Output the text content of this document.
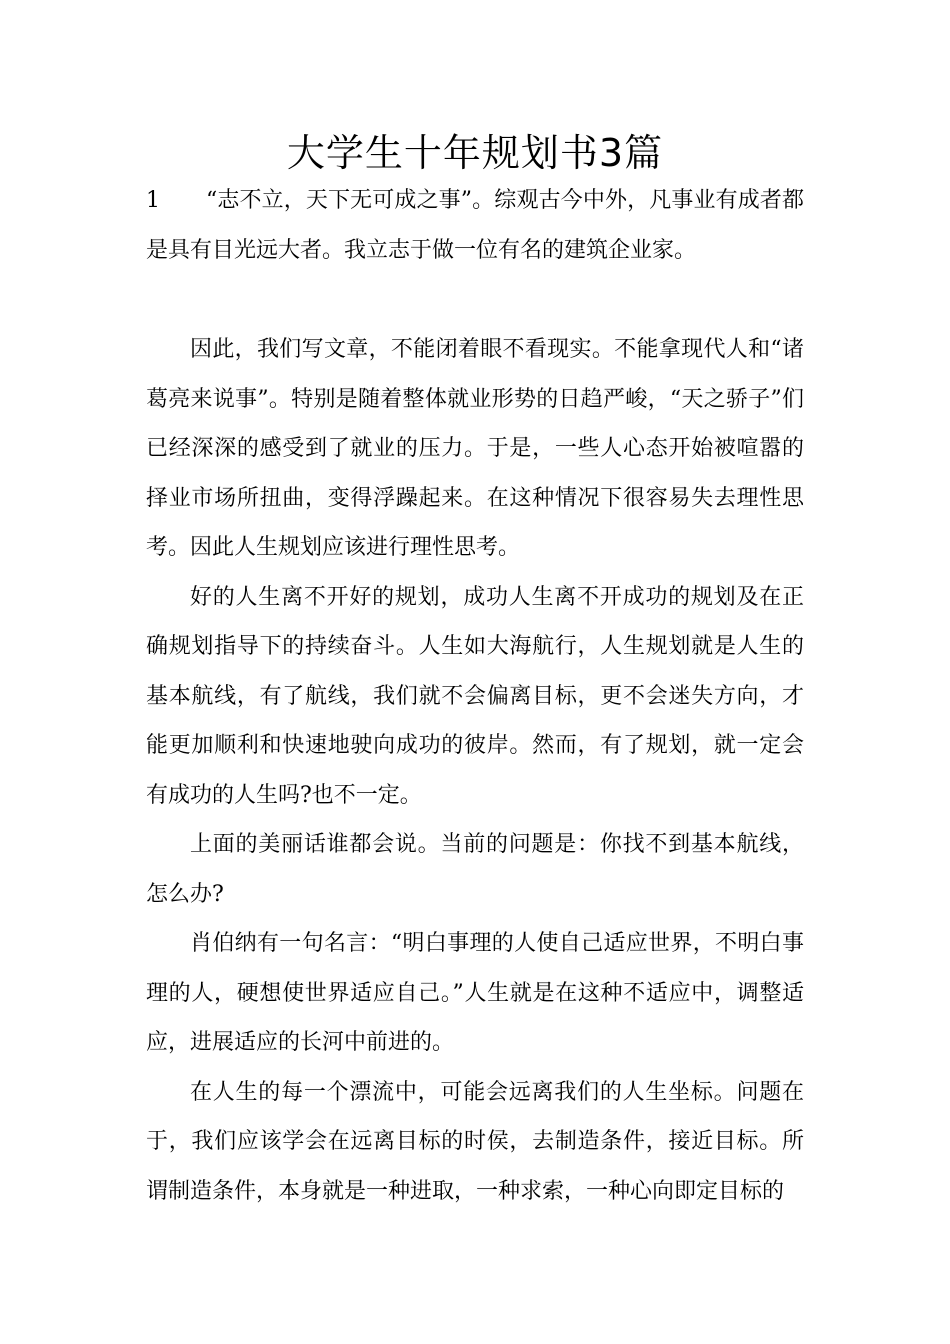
大学生十年规划书3篇

1 “志不立，天下无可成之事”。综观古今中外，凡事业有成者都是具有目光远大者。我立志于做一位有名的建筑企业家。

因此，我们写文章，不能闭着眼不看现实。不能拿现代人和“诸葛亮来说事”。特别是随着整体就业形势的日趋严峻，“天之骄子”们已经深深的感受到了就业的压力。于是，一些人心态开始被喧嚣的择业市场所扭曲，变得浮躁起来。在这种情况下很容易失去理性思考。因此人生规划应该进行理性思考。

好的人生离不开好的规划，成功人生离不开成功的规划及在正确规划指导下的持续奋斗。人生如大海航行，人生规划就是人生的基本航线，有了航线，我们就不会偏离目标，更不会迷失方向，才能更加顺利和快速地驶向成功的彼岸。然而，有了规划，就一定会有成功的人生吗?也不一定。

上面的美丽话谁都会说。当前的问题是：你找不到基本航线，怎么办?

肖伯纳有一句名言：“明白事理的人使自己适应世界，不明白事理的人，硬想使世界适应自己。”人生就是在这种不适应中，调整适应，进展适应的长河中前进的。

在人生的每一个漂流中，可能会远离我们的人生坐标。问题在于，我们应该学会在远离目标的时侯，去制造条件，接近目标。所谓制造条件，本身就是一种进取，一种求索，一种心向即定目标的
